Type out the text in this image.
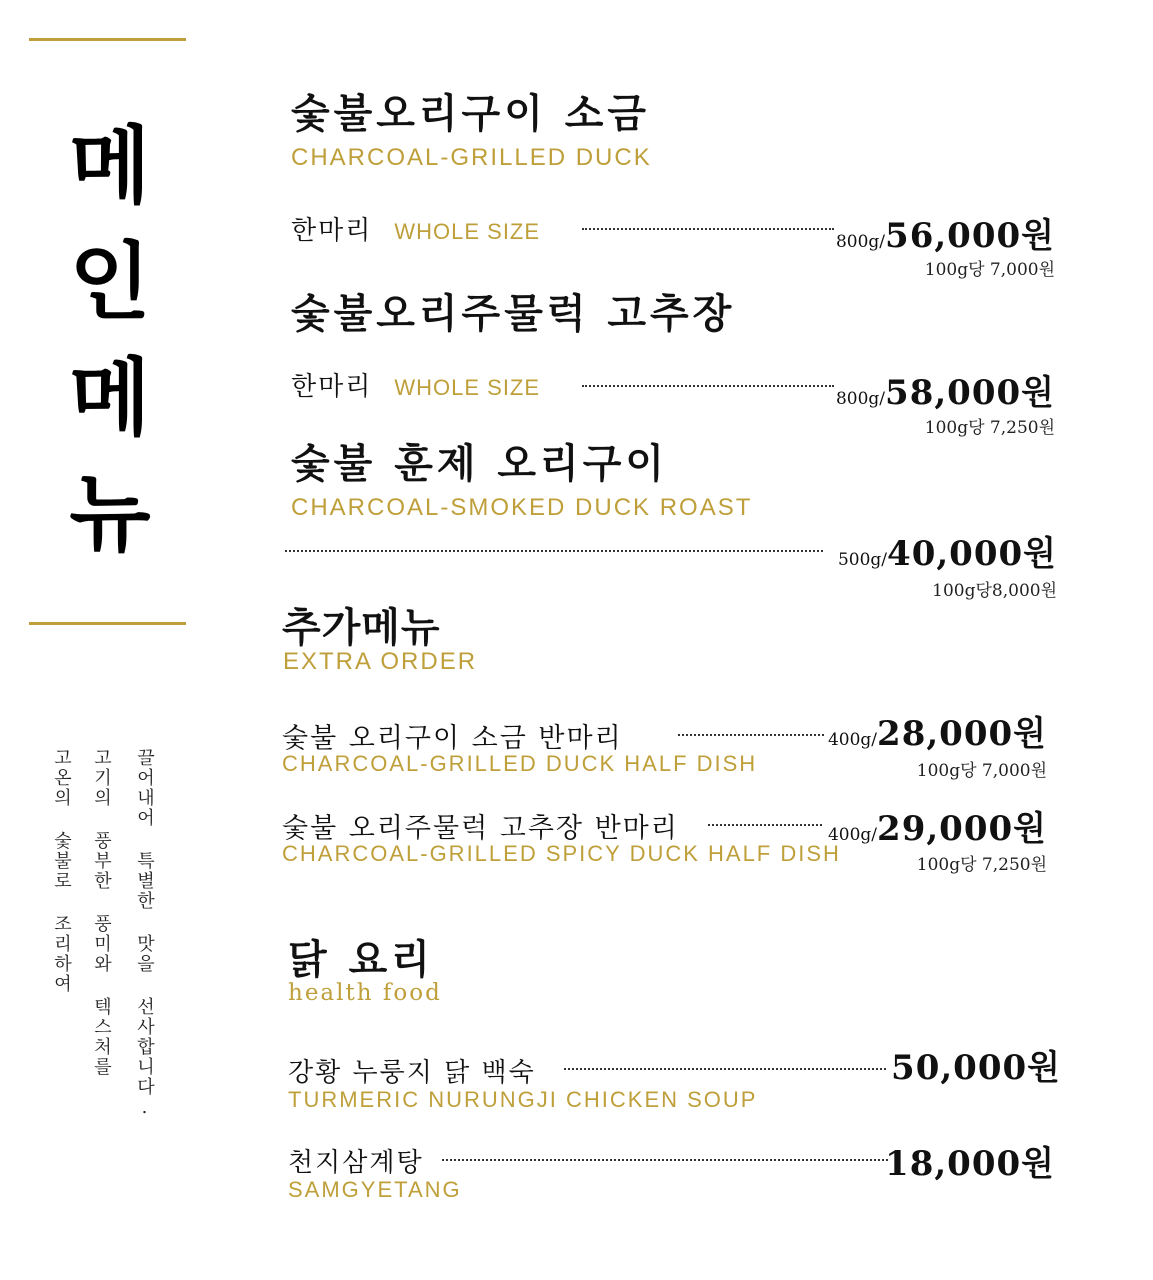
메인메뉴
끌어내어 특별한 맛을 선사합니다.
고기의 풍부한 풍미와 텍스처를
고온의 숯불로 조리하여
숯불오리구이 소금
CHARCOAL-GRILLED DUCK
한마리 WHOLE SIZE	800g/56,000원
100g당 7,000원
숯불오리주물럭 고추장
한마리 WHOLE SIZE	800g/58,000원
100g당 7,250원
숯불 훈제 오리구이
CHARCOAL-SMOKED DUCK ROAST
500g/40,000원
100g당8,000원
추가메뉴
EXTRA ORDER
숯불 오리구이 소금 반마리
CHARCOAL-GRILLED DUCK HALF DISH
400g/28,000원
100g당 7,000원
숯불 오리주물럭 고추장 반마리
CHARCOAL-GRILLED SPICY DUCK HALF DISH
400g/29,000원
100g당 7,250원
닭 요리
health food
강황 누룽지 닭 백숙
TURMERIC NURUNGJI CHICKEN SOUP
50,000원
천지삼계탕
SAMGYETANG
18,000원
